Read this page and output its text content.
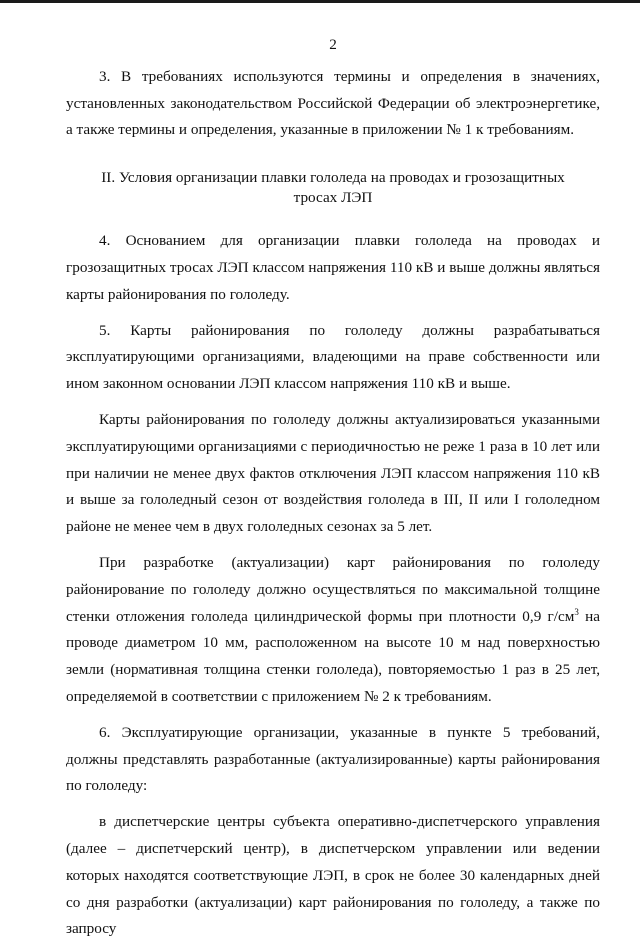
2

3. В требованиях используются термины и определения в значениях, установленных законодательством Российской Федерации об электроэнергетике, а также термины и определения, указанные в приложении № 1 к требованиям.

II. Условия организации плавки гололеда на проводах и грозозащитных тросах ЛЭП

4. Основанием для организации плавки гололеда на проводах и грозозащитных тросах ЛЭП классом напряжения 110 кВ и выше должны являться карты районирования по гололеду.

5. Карты районирования по гололеду должны разрабатываться эксплуатирующими организациями, владеющими на праве собственности или ином законном основании ЛЭП классом напряжения 110 кВ и выше.

Карты районирования по гололеду должны актуализироваться указанными эксплуатирующими организациями с периодичностью не реже 1 раза в 10 лет или при наличии не менее двух фактов отключения ЛЭП классом напряжения 110 кВ и выше за гололедный сезон от воздействия гололеда в III, II или I гололедном районе не менее чем в двух гололедных сезонах за 5 лет.

При разработке (актуализации) карт районирования по гололеду районирование по гололеду должно осуществляться по максимальной толщине стенки отложения гололеда цилиндрической формы при плотности 0,9 $г/см^3$ на проводе диаметром 10 мм, расположенном на высоте 10 м над поверхностью земли (нормативная толщина стенки гололеда), повторяемостью 1 раз в 25 лет, определяемой в соответствии с приложением № 2 к требованиям.

6. Эксплуатирующие организации, указанные в пункте 5 требований, должны представлять разработанные (актуализированные) карты районирования по гололеду:

в диспетчерские центры субъекта оперативно-диспетчерского управления (далее – диспетчерский центр), в диспетчерском управлении или ведении которых находятся соответствующие ЛЭП, в срок не более 30 календарных дней со дня разработки (актуализации) карт районирования по гололеду, а также по запросу
